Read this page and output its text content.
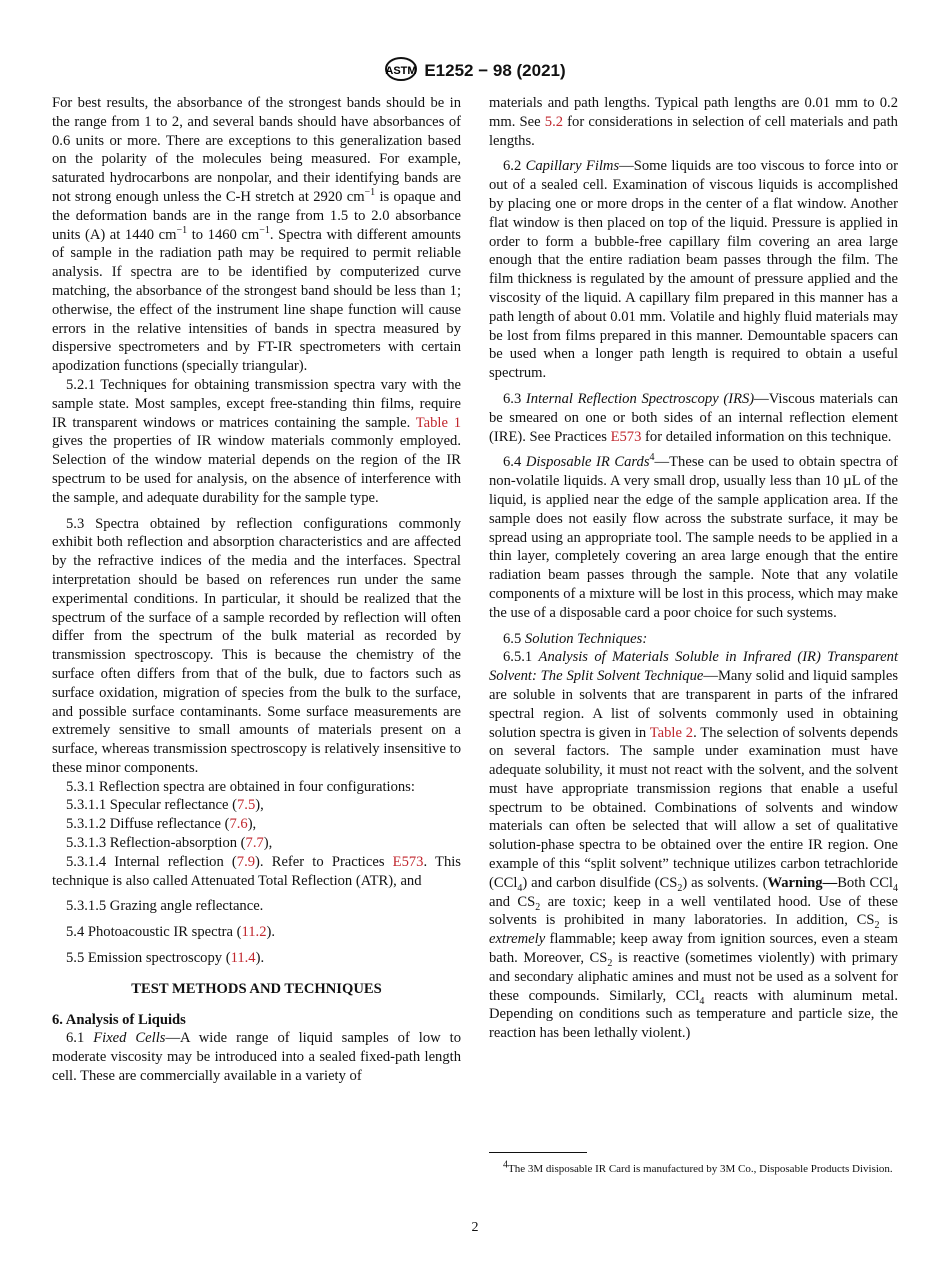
ASTM E1252 − 98 (2021)

For best results, the absorbance of the strongest bands should be in the range from 1 to 2, and several bands should have absorbances of 0.6 units or more. There are exceptions to this generalization based on the polarity of the molecules being measured. For example, saturated hydrocarbons are nonpolar, and their identifying bands are not strong enough unless the C-H stretch at 2920 $cm^{-1}$ is opaque and the deformation bands are in the range from 1.5 to 2.0 absorbance units (A) at 1440 $cm^{-1}$ to 1460 $cm^{-1}$. Spectra with different amounts of sample in the radiation path may be required to permit reliable analysis. If spectra are to be identified by computerized curve matching, the absorbance of the strongest band should be less than 1; otherwise, the effect of the instrument line shape function will cause errors in the relative intensities of bands in spectra measured by dispersive spectrometers and by FT-IR spectrometers with certain apodization functions (specially triangular).

5.2.1 Techniques for obtaining transmission spectra vary with the sample state. Most samples, except free-standing thin films, require IR transparent windows or matrices containing the sample. Table 1 gives the properties of IR window materials commonly employed. Selection of the window material depends on the region of the IR spectrum to be used for analysis, on the absence of interference with the sample, and adequate durability for the sample type.

5.3 Spectra obtained by reflection configurations commonly exhibit both reflection and absorption characteristics and are affected by the refractive indices of the media and the interfaces. Spectral interpretation should be based on references run under the same experimental conditions. In particular, it should be realized that the spectrum of the surface of a sample recorded by reflection will often differ from the spectrum of the bulk material as recorded by transmission spectroscopy. This is because the chemistry of the surface often differs from that of the bulk, due to factors such as surface oxidation, migration of species from the bulk to the surface, and possible surface contaminants. Some surface measurements are extremely sensitive to small amounts of materials present on a surface, whereas transmission spectroscopy is relatively insensitive to these minor components.

5.3.1 Reflection spectra are obtained in four configurations:

5.3.1.1 Specular reflectance (7.5),

5.3.1.2 Diffuse reflectance (7.6),

5.3.1.3 Reflection-absorption (7.7),

5.3.1.4 Internal reflection (7.9). Refer to Practices E573. This technique is also called Attenuated Total Reflection (ATR), and

5.3.1.5 Grazing angle reflectance.

5.4 Photoacoustic IR spectra (11.2).

5.5 Emission spectroscopy (11.4).

TEST METHODS AND TECHNIQUES

6. Analysis of Liquids

6.1 Fixed Cells—A wide range of liquid samples of low to moderate viscosity may be introduced into a sealed fixed-path length cell. These are commercially available in a variety of

materials and path lengths. Typical path lengths are 0.01 mm to 0.2 mm. See 5.2 for considerations in selection of cell materials and path lengths.

6.2 Capillary Films—Some liquids are too viscous to force into or out of a sealed cell. Examination of viscous liquids is accomplished by placing one or more drops in the center of a flat window. Another flat window is then placed on top of the liquid. Pressure is applied in order to form a bubble-free capillary film covering an area large enough that the entire radiation beam passes through the film. The film thickness is regulated by the amount of pressure applied and the viscosity of the liquid. A capillary film prepared in this manner has a path length of about 0.01 mm. Volatile and highly fluid materials may be lost from films prepared in this manner. Demountable spacers can be used when a longer path length is required to obtain a useful spectrum.

6.3 Internal Reflection Spectroscopy (IRS)—Viscous materials can be smeared on one or both sides of an internal reflection element (IRE). See Practices E573 for detailed information on this technique.

6.4 Disposable IR Cards$^4$—These can be used to obtain spectra of non-volatile liquids. A very small drop, usually less than 10 µL of the liquid, is applied near the edge of the sample application area. If the sample does not easily flow across the substrate surface, it may be spread using an appropriate tool. The sample needs to be applied in a thin layer, completely covering an area large enough that the entire radiation beam passes through the sample. Note that any volatile components of a mixture will be lost in this process, which may make the use of a disposable card a poor choice for such systems.

6.5 Solution Techniques:

6.5.1 Analysis of Materials Soluble in Infrared (IR) Transparent Solvent: The Split Solvent Technique—Many solid and liquid samples are soluble in solvents that are transparent in parts of the infrared spectral region. A list of solvents commonly used in obtaining solution spectra is given in Table 2. The selection of solvents depends on several factors. The sample under examination must have adequate solubility, it must not react with the solvent, and the solvent must have appropriate transmission regions that enable a useful spectrum to be obtained. Combinations of solvents and window materials can often be selected that will allow a set of qualitative solution-phase spectra to be obtained over the entire IR region. One example of this “split solvent” technique utilizes carbon tetrachloride (CCl$_4$) and carbon disulfide $(CS_2)$ as solvents. (Warning—Both CCl$_4$ and $CS_2$ are toxic; keep in a well ventilated hood. Use of these solvents is prohibited in many laboratories. In addition, $CS_2$ is extremely flammable; keep away from ignition sources, even a steam bath. Moreover, $CS_2$ is reactive (sometimes violently) with primary and secondary aliphatic amines and must not be used as a solvent for these compounds. Similarly, CCl$_4$ reacts with aluminum metal. Depending on conditions such as temperature and particle size, the reaction has been lethally violent.)

$^4$The 3M disposable IR Card is manufactured by 3M Co., Disposable Products Division.
2
